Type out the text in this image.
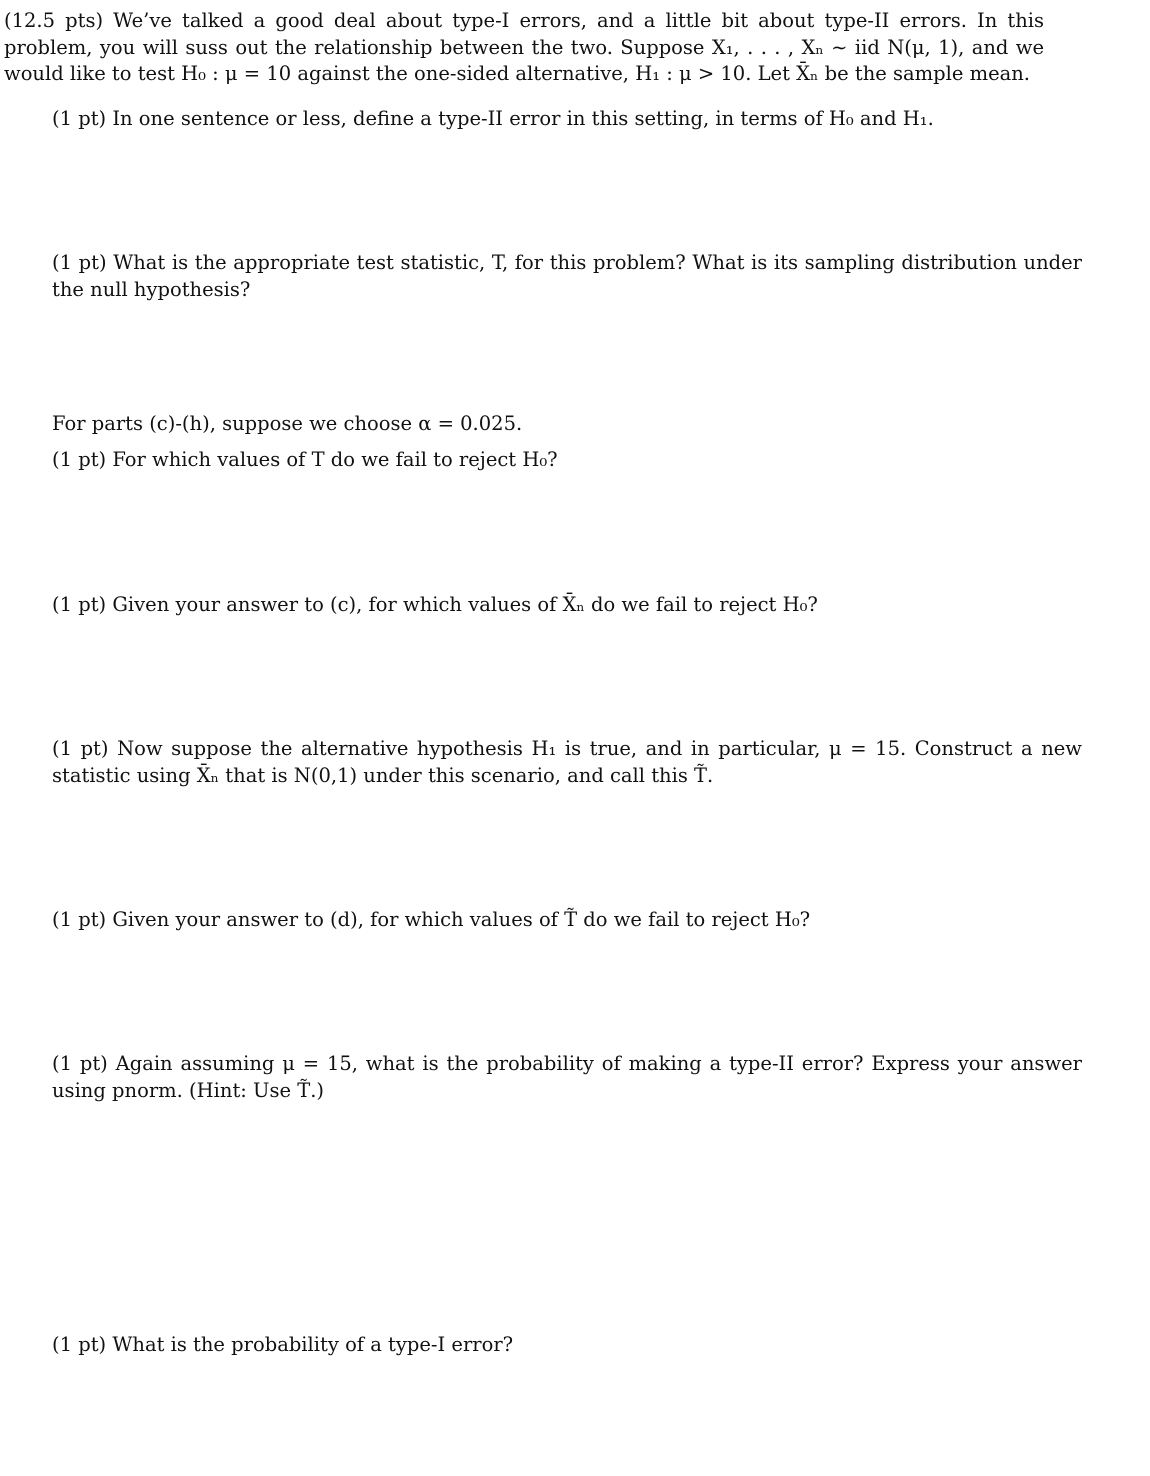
(12.5 pts) We’ve talked a good deal about type-I errors, and a little bit about type-II errors. In this problem, you will suss out the relationship between the two. Suppose X₁, . . . , Xₙ ∼ iid N(μ, 1), and we would like to test H₀ : μ = 10 against the one-sided alternative, H₁ : μ > 10. Let X̄ₙ be the sample mean.

(1 pt) In one sentence or less, define a type-II error in this setting, in terms of H₀ and H₁.

(1 pt) What is the appropriate test statistic, T, for this problem? What is its sampling distribution under the null hypothesis?

For parts (c)-(h), suppose we choose α = 0.025.

(1 pt) For which values of T do we fail to reject H₀?

(1 pt) Given your answer to (c), for which values of X̄ₙ do we fail to reject H₀?

(1 pt) Now suppose the alternative hypothesis H₁ is true, and in particular, μ = 15. Construct a new statistic using X̄ₙ that is N(0,1) under this scenario, and call this T̃.

(1 pt) Given your answer to (d), for which values of T̃ do we fail to reject H₀?

(1 pt) Again assuming μ = 15, what is the probability of making a type-II error? Express your answer using pnorm. (Hint: Use T̃.)

(1 pt) What is the probability of a type-I error?
